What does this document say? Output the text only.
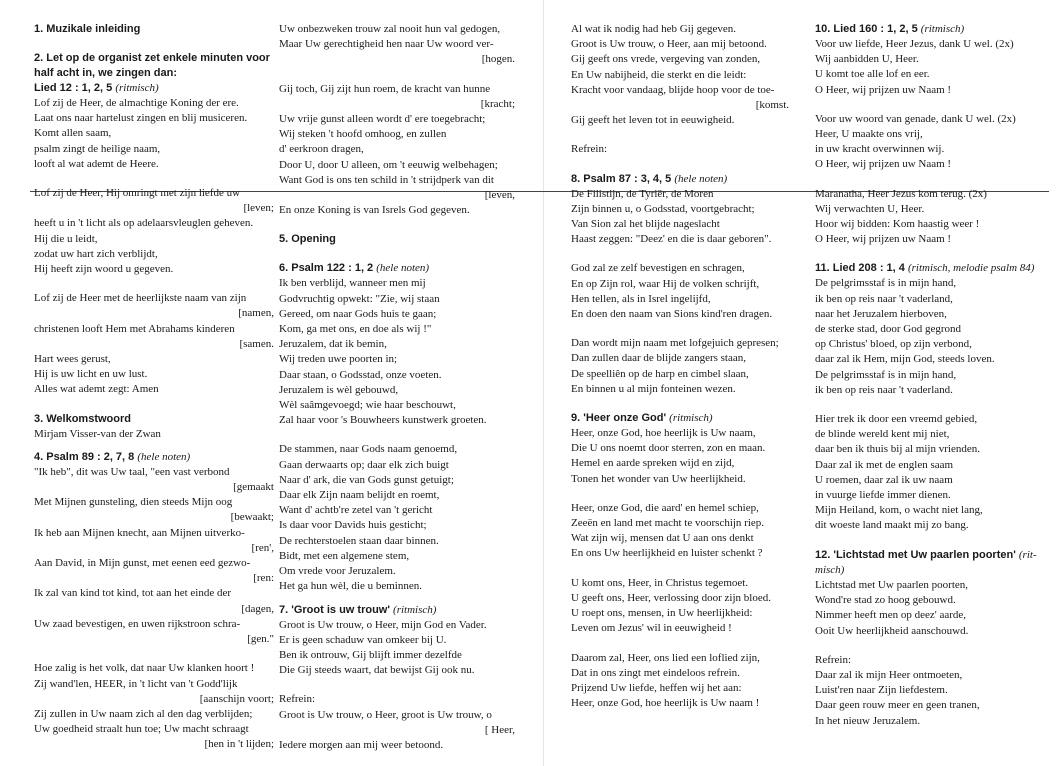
1. Muzikale inleiding
2. Let op de organist zet enkele minuten voor
half acht in, we zingen dan:
Lied 12 : 1, 2, 5 (ritmisch)
Lof zij de Heer, de almachtige Koning der ere.
Laat ons naar hartelust zingen en blij musiceren.
Komt allen saam,
psalm zingt de heilige naam,
looft al wat ademt de Heere.
Lof zij de Heer, Hij omringt met zijn liefde uw
[leven;
heeft u in 't licht als op adelaarsvleuglen geheven.
Hij die u leidt,
zodat uw hart zich verblijdt,
Hij heeft zijn woord u gegeven.
Lof zij de Heer met de heerlijkste naam van zijn
[namen,
christenen looft Hem met Abrahams kinderen
[samen.
Hart wees gerust,
Hij is uw licht en uw lust.
Alles wat ademt zegt: Amen
3. Welkomstwoord
Mirjam Visser-van der Zwan
4. Psalm 89 : 2, 7, 8 (hele noten)
"Ik heb", dit was Uw taal, "een vast verbond
[gemaakt
Met Mijnen gunsteling, dien steeds Mijn oog
[bewaakt;
Ik heb aan Mijnen knecht, aan Mijnen uitverko-
[ren',
Aan David, in Mijn gunst, met eenen eed gezwo-
[ren:
Ik zal van kind tot kind, tot aan het einde der
[dagen,
Uw zaad bevestigen, en uwen rijkstroon schra-
[gen."
Hoe zalig is het volk, dat naar Uw klanken hoort !
Zij wand'len, HEER, in 't licht van 't Godd'lijk
[aanschijn voort;
Zij zullen in Uw naam zich al den dag verblijden;
Uw goedheid straalt hun toe; Uw macht schraagt
[hen in 't lijden;
Uw onbezweken trouw zal nooit hun val gedogen,
Maar Uw gerechtigheid hen naar Uw woord ver-
[hogen.
Gij toch, Gij zijt hun roem, de kracht van hunne
[kracht;
Uw vrije gunst alleen wordt d' ere toegebracht;
Wij steken 't hoofd omhoog, en zullen
d' eerkroon dragen,
Door U, door U alleen, om 't eeuwig welbehagen;
Want God is ons ten schild in 't strijdperk van dit
[leven,
En onze Koning is van Isrels God gegeven.
5. Opening
6. Psalm 122 : 1, 2 (hele noten)
Ik ben verblijd, wanneer men mij
Godvruchtig opwekt: "Zie, wij staan
Gereed, om naar Gods huis te gaan;
Kom, ga met ons, en doe als wij !"
Jeruzalem, dat ik bemin,
Wij treden uwe poorten in;
Daar staan, o Godsstad, onze voeten.
Jeruzalem is wèl gebouwd,
Wèl saâmgevoegd; wie haar beschouwt,
Zal haar voor 's Bouwheers kunstwerk groeten.
De stammen, naar Gods naam genoemd,
Gaan derwaarts op; daar elk zich buigt
Naar d' ark, die van Gods gunst getuigt;
Daar elk Zijn naam belijdt en roemt,
Want d' achtb're zetel van 't gericht
Is daar voor Davids huis gesticht;
De rechterstoelen staan daar binnen.
Bidt, met een algemene stem,
Om vrede voor Jeruzalem.
Het ga hun wèl, die u beminnen.
7. 'Groot is uw trouw' (ritmisch)
Groot is Uw trouw, o Heer, mijn God en Vader.
Er is geen schaduw van omkeer bij U.
Ben ik ontrouw, Gij blijft immer dezelfde
Die Gij steeds waart, dat bewijst Gij ook nu.
Refrein:
Groot is Uw trouw, o Heer, groot is Uw trouw, o
[ Heer,
Iedere morgen aan mij weer betoond.
Al wat ik nodig had heb Gij gegeven.
Groot is Uw trouw, o Heer, aan mij betoond.
Gij geeft ons vrede, vergeving van zonden,
En Uw nabijheid, die sterkt en die leidt:
Kracht voor vandaag, blijde hoop voor de toe-
[komst.
Gij geeft het leven tot in eeuwigheid.
Refrein:
8. Psalm 87 : 3, 4, 5 (hele noten)
De Filistijn, de Tyriër, de Moren
Zijn binnen u, o Godsstad, voortgebracht;
Van Sion zal het blijde nageslacht
Haast zeggen: "Deez' en die is daar geboren".
God zal ze zelf bevestigen en schragen,
En op Zijn rol, waar Hij de volken schrijft,
Hen tellen, als in Isrel ingelijfd,
En doen den naam van Sions kind'ren dragen.
Dan wordt mijn naam met lofgejuich gepresen;
Dan zullen daar de blijde zangers staan,
De speelliên op de harp en cimbel slaan,
En binnen u al mijn fonteinen wezen.
9. 'Heer onze God' (ritmisch)
Heer, onze God, hoe heerlijk is Uw naam,
Die U ons noemt door sterren, zon en maan.
Hemel en aarde spreken wijd en zijd,
Tonen het wonder van Uw heerlijkheid.
Heer, onze God, die aard' en hemel schiep,
Zeeën en land met macht te voorschijn riep.
Wat zijn wij, mensen dat U aan ons denkt
En ons Uw heerlijkheid en luister schenkt ?
U komt ons, Heer, in Christus tegemoet.
U geeft ons, Heer, verlossing door zijn bloed.
U roept ons, mensen, in Uw heerlijkheid:
Leven om Jezus' wil in eeuwigheid !
Daarom zal, Heer, ons lied een loflied zijn,
Dat in ons zingt met eindeloos refrein.
Prijzend Uw liefde, heffen wij het aan:
Heer, onze God, hoe heerlijk is Uw naam !
10. Lied 160 : 1, 2, 5 (ritmisch)
Voor uw liefde, Heer Jezus, dank U wel. (2x)
Wij aanbidden U, Heer.
U komt toe alle lof en eer.
O Heer, wij prijzen uw Naam !
Voor uw woord van genade, dank U wel. (2x)
Heer, U maakte ons vrij,
in uw kracht overwinnen wij.
O Heer, wij prijzen uw Naam !
Maranatha, Heer Jezus kom terug. (2x)
Wij verwachten U, Heer.
Hoor wij bidden: Kom haastig weer !
O Heer, wij prijzen uw Naam !
11. Lied 208 : 1, 4 (ritmisch, melodie psalm 84)
De pelgrimsstaf is in mijn hand,
ik ben op reis naar 't vaderland,
naar het Jeruzalem hierboven,
de sterke stad, door God gegrond
op Christus' bloed, op zijn verbond,
daar zal ik Hem, mijn God, steeds loven.
De pelgrimsstaf is in mijn hand,
ik ben op reis naar 't vaderland.
Hier trek ik door een vreemd gebied,
de blinde wereld kent mij niet,
daar ben ik thuis bij al mijn vrienden.
Daar zal ik met de englen saam
U roemen, daar zal ik uw naam
in vuurge liefde immer dienen.
Mijn Heiland, kom, o wacht niet lang,
dit woeste land maakt mij zo bang.
12. 'Lichtstad met Uw paarlen poorten' (rit-
misch)
Lichtstad met Uw paarlen poorten,
Wond're stad zo hoog gebouwd.
Nimmer heeft men op deez' aarde,
Ooit Uw heerlijkheid aanschouwd.
Refrein:
Daar zal ik mijn Heer ontmoeten,
Luist'ren naar Zijn liefdestem.
Daar geen rouw meer en geen tranen,
In het nieuw Jeruzalem.
